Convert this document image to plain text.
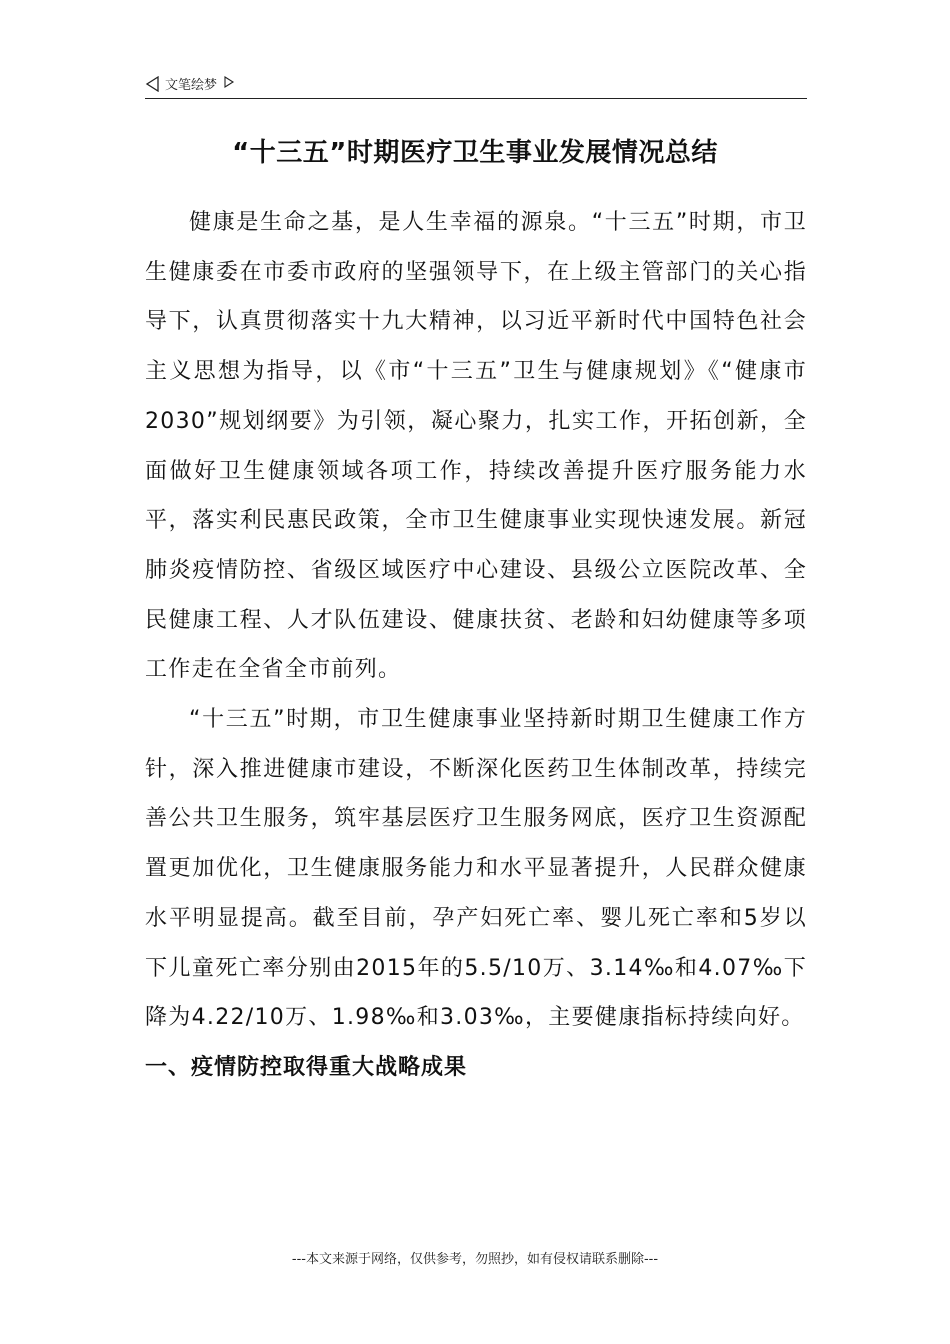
文笔绘梦
“十三五”时期医疗卫生事业发展情况总结

健康是生命之基，是人生幸福的源泉。“十三五”时期，市卫生健康委在市委市政府的坚强领导下，在上级主管部门的关心指导下，认真贯彻落实十九大精神，以习近平新时代中国特色社会主义思想为指导，以《市“十三五”卫生与健康规划》《“健康市2030”规划纲要》为引领，凝心聚力，扎实工作，开拓创新，全面做好卫生健康领域各项工作，持续改善提升医疗服务能力水平，落实利民惠民政策，全市卫生健康事业实现快速发展。新冠肺炎疫情防控、省级区域医疗中心建设、县级公立医院改革、全民健康工程、人才队伍建设、健康扶贫、老龄和妇幼健康等多项工作走在全省全市前列。

“十三五”时期，市卫生健康事业坚持新时期卫生健康工作方针，深入推进健康市建设，不断深化医药卫生体制改革，持续完善公共卫生服务，筑牢基层医疗卫生服务网底，医疗卫生资源配置更加优化，卫生健康服务能力和水平显著提升，人民群众健康水平明显提高。截至目前，孕产妇死亡率、婴儿死亡率和5岁以下儿童死亡率分别由2015年的5.5/10万、3.14‰和4.07‰下降为4.22/10万、1.98‰和3.03‰，主要健康指标持续向好。

一、疫情防控取得重大战略成果

---本文来源于网络，仅供参考，勿照抄，如有侵权请联系删除---
